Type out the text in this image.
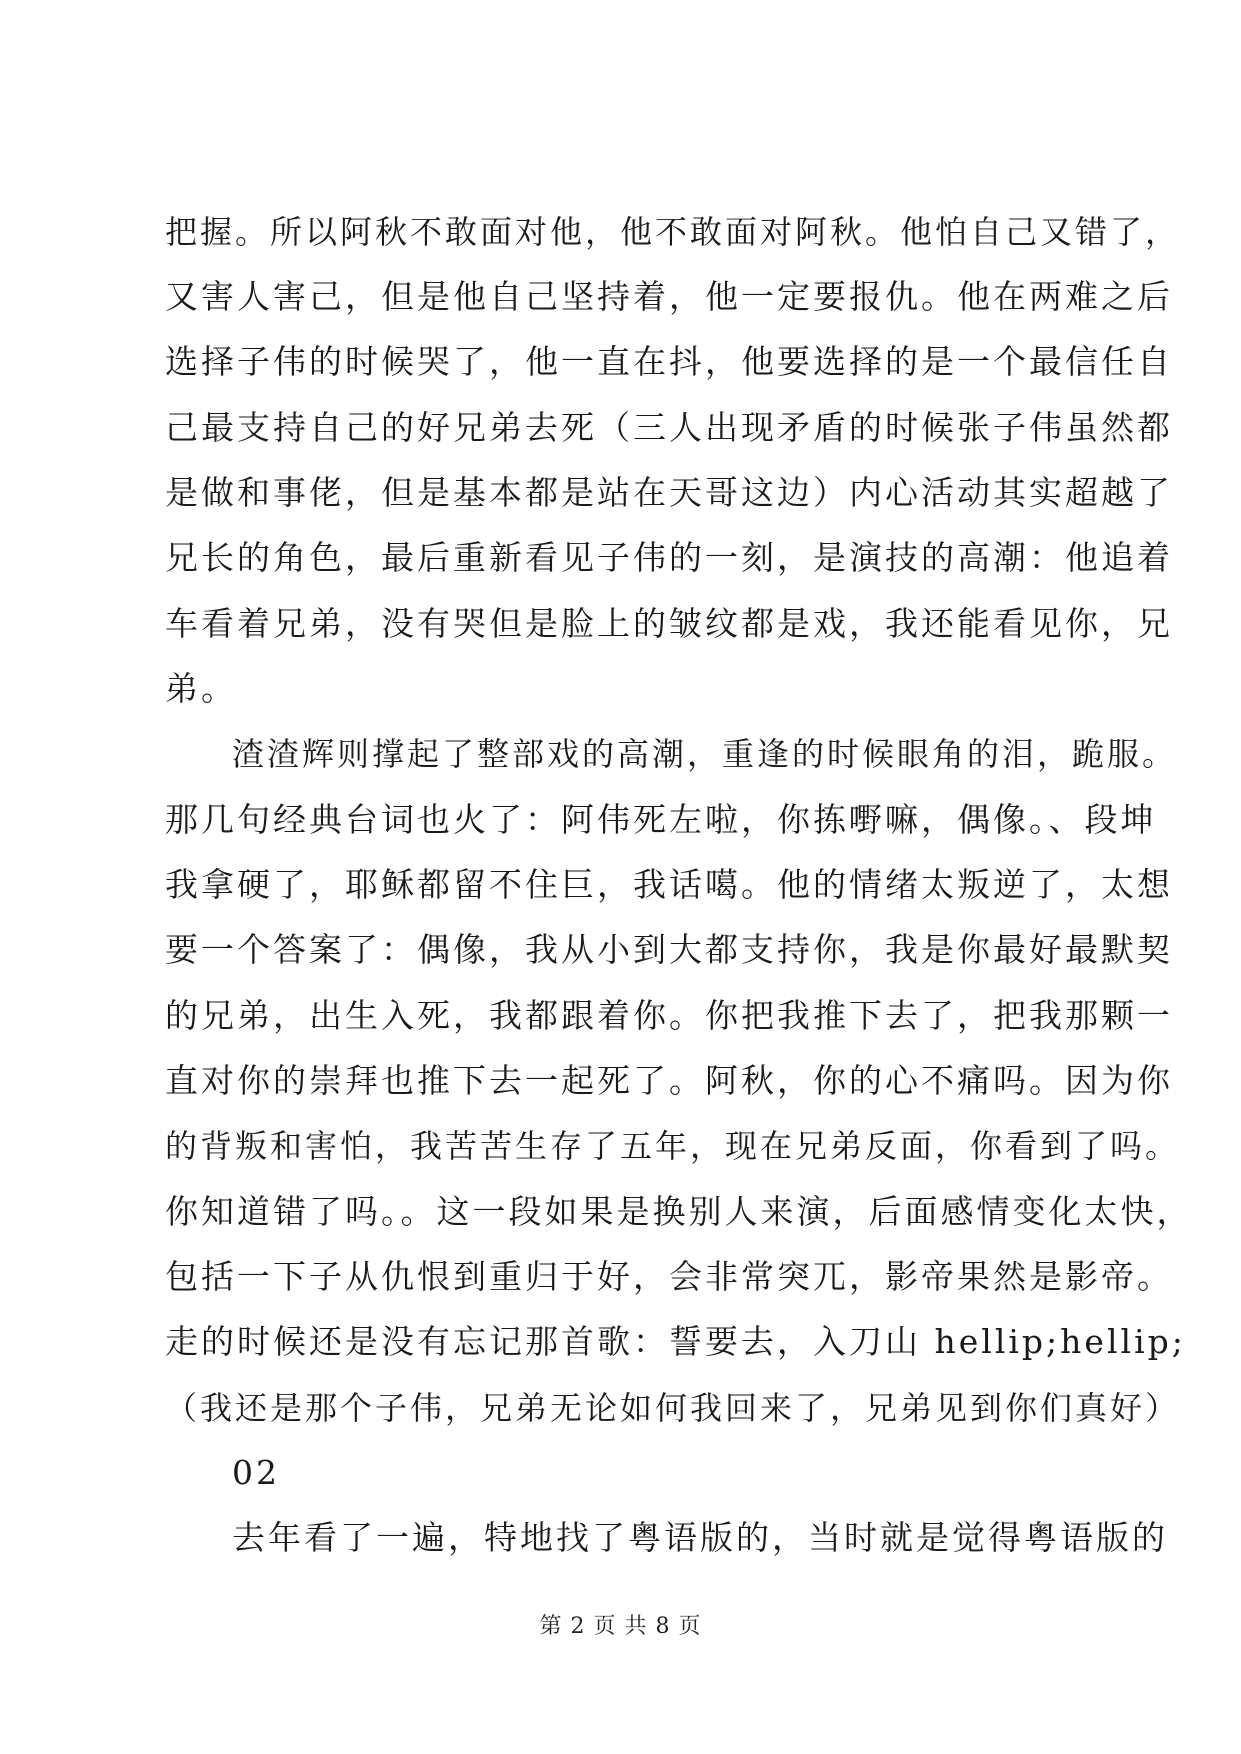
把握。所以阿秋不敢面对他，他不敢面对阿秋。他怕自己又错了，
又害人害己，但是他自己坚持着，他一定要报仇。他在两难之后
选择子伟的时候哭了，他一直在抖，他要选择的是一个最信任自
己最支持自己的好兄弟去死（三人出现矛盾的时候张子伟虽然都
是做和事佬，但是基本都是站在天哥这边）内心活动其实超越了
兄长的角色，最后重新看见子伟的一刻，是演技的高潮：他追着
车看着兄弟，没有哭但是脸上的皱纹都是戏，我还能看见你，兄
弟。
渣渣辉则撑起了整部戏的高潮，重逢的时候眼角的泪，跪服。
那几句经典台词也火了：阿伟死左啦，你拣嘢嘛，偶像。、段坤
我拿硬了，耶稣都留不住巨，我话噶。他的情绪太叛逆了，太想
要一个答案了：偶像，我从小到大都支持你，我是你最好最默契
的兄弟，出生入死，我都跟着你。你把我推下去了，把我那颗一
直对你的崇拜也推下去一起死了。阿秋，你的心不痛吗。因为你
的背叛和害怕，我苦苦生存了五年，现在兄弟反面，你看到了吗。
你知道错了吗。。这一段如果是换别人来演，后面感情变化太快，
包括一下子从仇恨到重归于好，会非常突兀，影帝果然是影帝。
走的时候还是没有忘记那首歌：誓要去，入刀山 hellip;hellip;
（我还是那个子伟，兄弟无论如何我回来了，兄弟见到你们真好）
02
去年看了一遍，特地找了粤语版的，当时就是觉得粤语版的
第 2 页 共 8 页
